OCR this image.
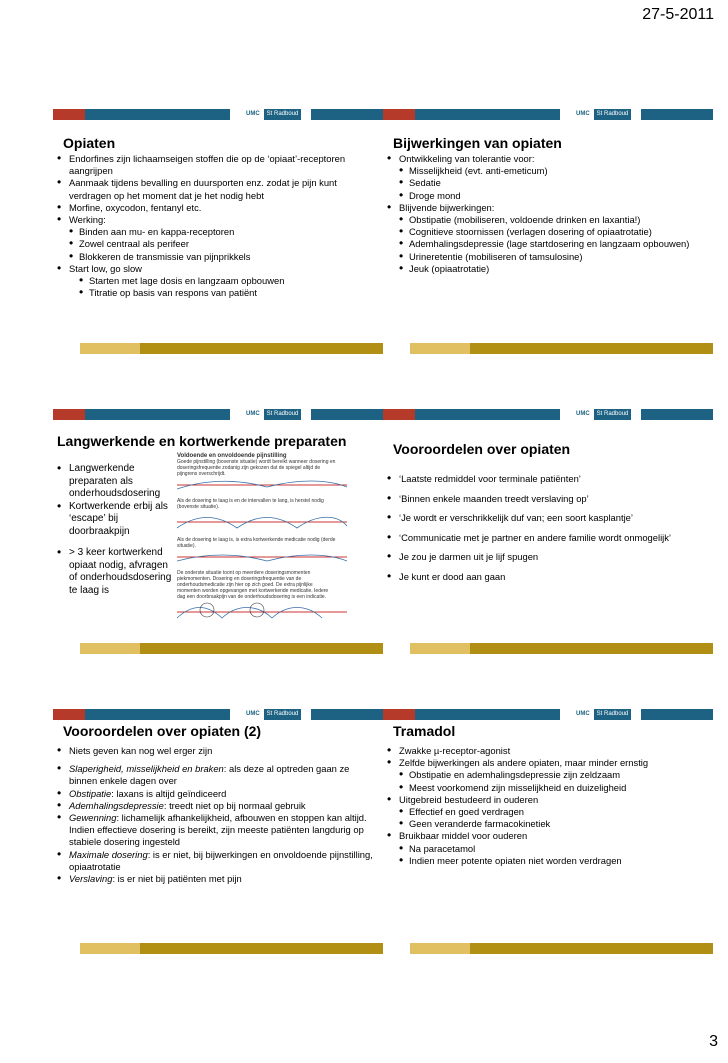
27-5-2011
UMC	St Radboud
Opiaten
• Endorfines zijn lichaamseigen stoffen die op de ‘opiaat’-receptoren aangrijpen
• Aanmaak tijdens bevalling en duursporten enz. zodat je pijn kunt verdragen op het moment dat je het nodig hebt
• Morfine, oxycodon, fentanyl etc.
• Werking:
• Binden aan mu- en kappa-receptoren
• Zowel centraal als perifeer
• Blokkeren de transmissie van pijnprikkels
• Start low, go slow
• Starten met lage dosis en langzaam opbouwen
• Titratie op basis van respons van patiënt
UMC	St Radboud
Bijwerkingen van opiaten
• Ontwikkeling van tolerantie voor:
• Misselijkheid (evt. anti-emeticum)
• Sedatie
• Droge mond
• Blijvende bijwerkingen:
• Obstipatie (mobiliseren, voldoende drinken en laxantia!)
• Cognitieve stoornissen (verlagen dosering of opiaatrotatie)
• Ademhalingsdepressie (lage startdosering en langzaam opbouwen)
• Urineretentie (mobiliseren of tamsulosine)
• Jeuk (opiaatrotatie)
UMC	St Radboud
Langwerkende en kortwerkende preparaten
• Langwerkende preparaten als onderhoudsdosering
• Kortwerkende erbij als ‘escape’ bij doorbraakpijn
• > 3 keer kortwerkend opiaat nodig, afvragen of onderhoudsdosering te laag is
Voldoende en onvoldoende pijnstilling
Goede pijnstilling (bovenste situatie) wordt bereikt wanneer dosering en doseringsfrequentie zodanig zijn gekozen dat de spiegel altijd de pijngrens overschrijdt.
Als de dosering te laag is en de intervallen te lang, is herstel nodig (bovenste situatie).
Als de dosering te laag is, is extra kortwerkende medicatie nodig (derde situatie).
De onderste situatie toont op meerdere doseringsmomenten piekmomenten. Dosering en doseringsfrequentie van de onderhoudsmedicatie zijn hier op zich goed. De extra pijnlijke momenten worden opgevangen met kortwerkende medicatie. Iedere dag een doorbraakpijn van de onderhoudsdosering is een indicatie.
UMC	St Radboud
Vooroordelen over opiaten
• ‘Laatste redmiddel voor terminale patiënten’
• ‘Binnen enkele maanden treedt verslaving op’
• ‘Je wordt er verschrikkelijk duf van; een soort kasplantje’
• ‘Communicatie met je partner en andere familie wordt onmogelijk’
• Je zou je darmen uit je lijf spugen
• Je kunt er dood aan gaan
UMC	St Radboud
Vooroordelen over opiaten (2)
• Niets geven kan nog wel erger zijn
• Slaperigheid, misselijkheid en braken: als deze al optreden gaan ze binnen enkele dagen over
• Obstipatie: laxans is altijd geïndiceerd
• Ademhalingsdepressie: treedt niet op bij normaal gebruik
• Gewenning: lichamelijk afhankelijkheid, afbouwen en stoppen kan altijd. Indien effectieve dosering is bereikt, zijn meeste patiënten langdurig op stabiele dosering ingesteld
• Maximale dosering: is er niet, bij bijwerkingen en onvoldoende pijnstilling, opiaatrotatie
• Verslaving: is er niet bij patiënten met pijn
UMC	St Radboud
Tramadol
• Zwakke µ-receptor-agonist
• Zelfde bijwerkingen als andere opiaten, maar minder ernstig
• Obstipatie en ademhalingsdepressie zijn zeldzaam
• Meest voorkomend zijn misselijkheid en duizeligheid
• Uitgebreid bestudeerd in ouderen
• Effectief en goed verdragen
• Geen veranderde farmacokinetiek
• Bruikbaar middel voor ouderen
• Na paracetamol
• Indien meer potente opiaten niet worden verdragen
3
